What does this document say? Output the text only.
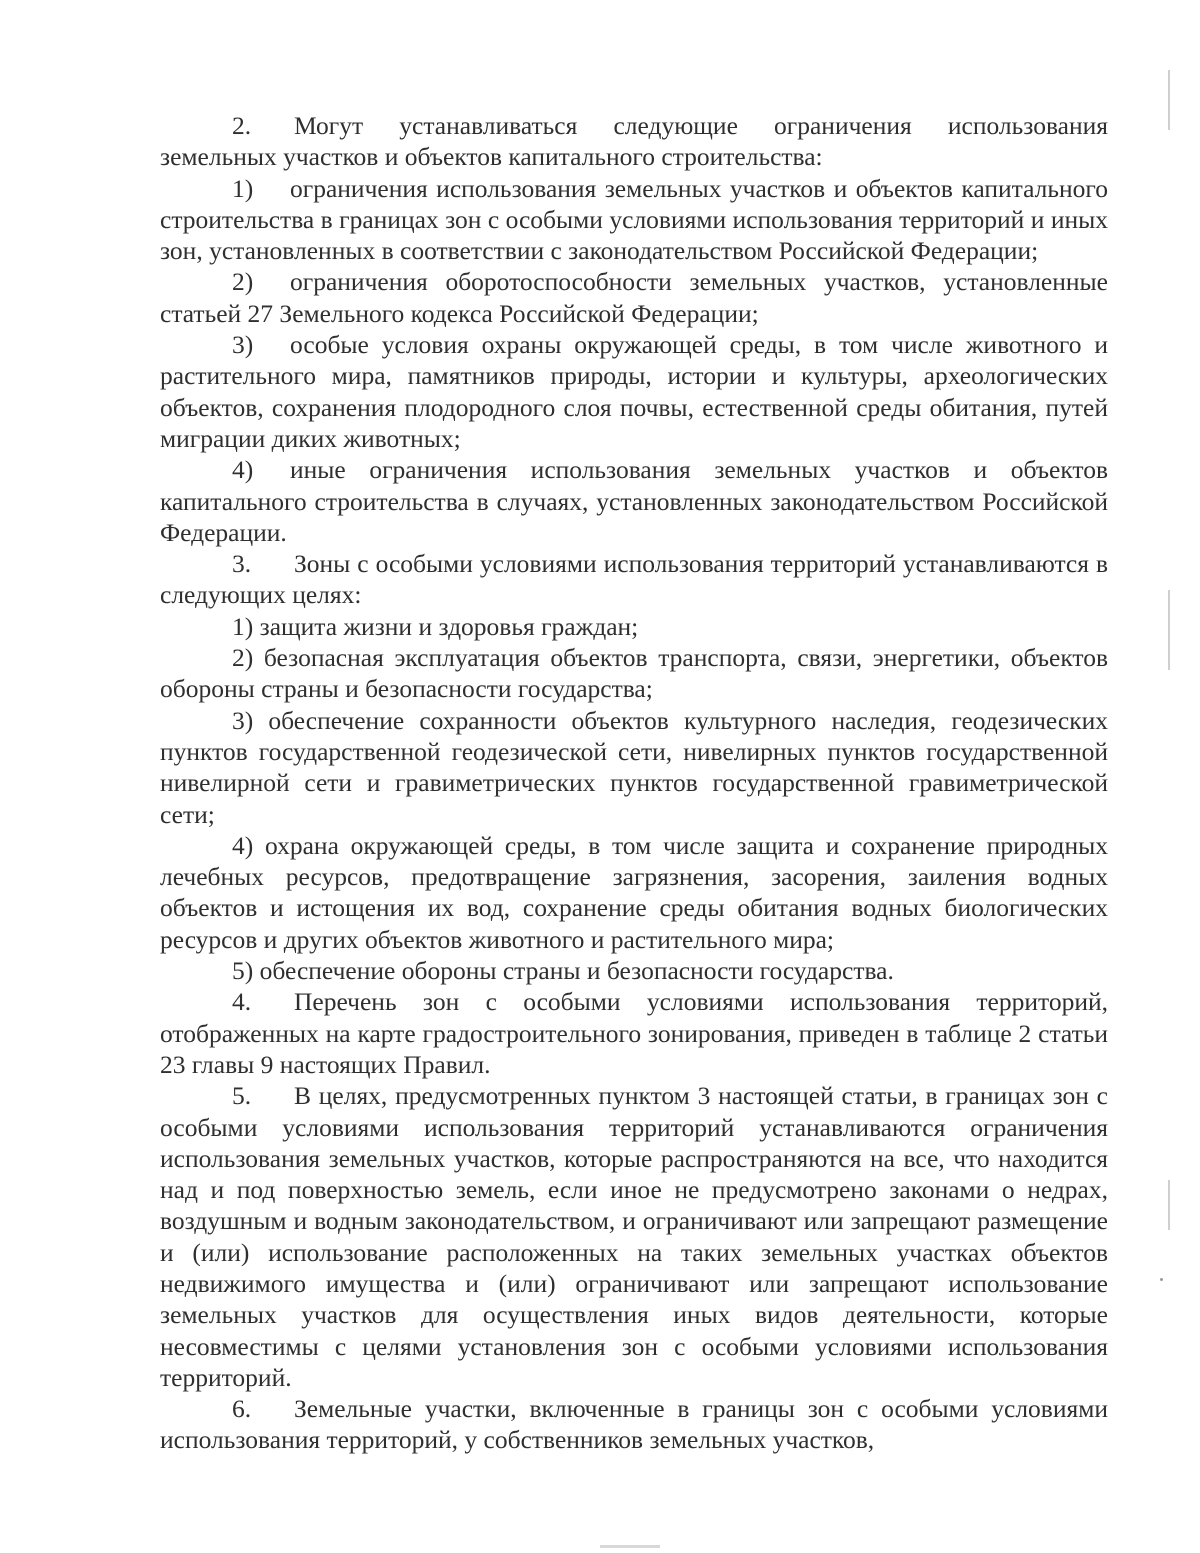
2. Могут устанавливаться следующие ограничения использования земельных участков и объектов капитального строительства:

1) ограничения использования земельных участков и объектов капитального строительства в границах зон с особыми условиями использования территорий и иных зон, установленных в соответствии с законодательством Российской Федерации;

2) ограничения оборотоспособности земельных участков, установленные статьей 27 Земельного кодекса Российской Федерации;

3) особые условия охраны окружающей среды, в том числе животного и растительного мира, памятников природы, истории и культуры, археологических объектов, сохранения плодородного слоя почвы, естественной среды обитания, путей миграции диких животных;

4) иные ограничения использования земельных участков и объектов капитального строительства в случаях, установленных законодательством Российской Федерации.

3. Зоны с особыми условиями использования территорий устанавливаются в следующих целях:

1) защита жизни и здоровья граждан;

2) безопасная эксплуатация объектов транспорта, связи, энергетики, объектов обороны страны и безопасности государства;

3) обеспечение сохранности объектов культурного наследия, геодезических пунктов государственной геодезической сети, нивелирных пунктов государственной нивелирной сети и гравиметрических пунктов государственной гравиметрической сети;

4) охрана окружающей среды, в том числе защита и сохранение природных лечебных ресурсов, предотвращение загрязнения, засорения, заиления водных объектов и истощения их вод, сохранение среды обитания водных биологических ресурсов и других объектов животного и растительного мира;

5) обеспечение обороны страны и безопасности государства.

4. Перечень зон с особыми условиями использования территорий, отображенных на карте градостроительного зонирования, приведен в таблице 2 статьи 23 главы 9 настоящих Правил.

5. В целях, предусмотренных пунктом 3 настоящей статьи, в границах зон с особыми условиями использования территорий устанавливаются ограничения использования земельных участков, которые распространяются на все, что находится над и под поверхностью земель, если иное не предусмотрено законами о недрах, воздушным и водным законодательством, и ограничивают или запрещают размещение и (или) использование расположенных на таких земельных участках объектов недвижимого имущества и (или) ограничивают или запрещают использование земельных участков для осуществления иных видов деятельности, которые несовместимы с целями установления зон с особыми условиями использования территорий.

6. Земельные участки, включенные в границы зон с особыми условиями использования территорий, у собственников земельных участков,
